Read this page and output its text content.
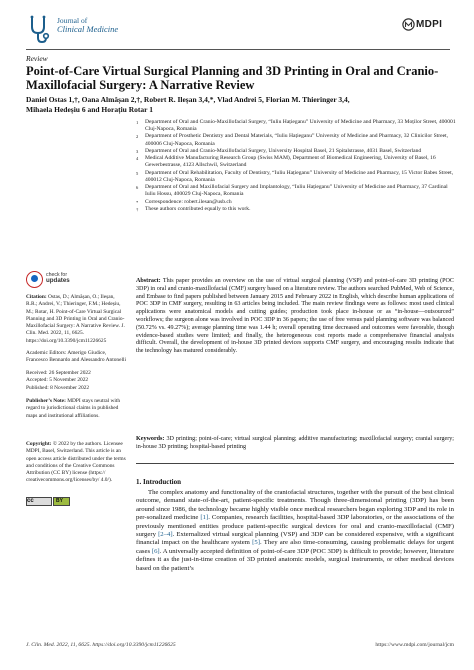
Journal of
Clinical Medicine	MDPI
Review
Point-of-Care Virtual Surgical Planning and 3D Printing in Oral and Cranio-Maxillofacial Surgery: A Narrative Review
Daniel Ostas 1,†, Oana Almășan 2,†, Robert R. Ileșan 3,4,*, Vlad Andrei 5, Florian M. Thieringer 3,4,
Mihaela Hedeșiu 6 and Horațiu Rotar 1
1 Department of Oral and Cranio-Maxillofacial Surgery, “Iuliu Hațieganu” University of Medicine and Pharmacy, 33 Moților Street, 400001 Cluj-Napoca, Romania
2 Department of Prosthetic Dentistry and Dental Materials, “Iuliu Hațieganu” University of Medicine and Pharmacy, 32 Clinicilor Street, 400006 Cluj-Napoca, Romania
3 Department of Oral and Cranio-Maxillofacial Surgery, University Hospital Basel, 21 Spitalstrasse, 4031 Basel, Switzerland
4 Medical Additive Manufacturing Research Group (Swiss MAM), Department of Biomedical Engineering, University of Basel, 16 Gewerbestrasse, 4123 Allschwil, Switzerland
5 Department of Oral Rehabilitation, Faculty of Dentistry, “Iuliu Hațieganu” University of Medicine and Pharmacy, 15 Victor Babes Street, 400012 Cluj-Napoca, Romania
6 Department of Oral and Maxillofacial Surgery and Implantology, “Iuliu Hațieganu” University of Medicine and Pharmacy, 37 Cardinal Iuliu Hossu, 400029 Cluj-Napoca, Romania
* Correspondence: robert.ilesan@usb.ch
† These authors contributed equally to this work.
check for
updates

Citation: Ostas, D.; Almășan, O.; Ileșan, R.R.; Andrei, V.; Thieringer, F.M.; Hedeșiu, M.; Rotar, H. Point-of-Care Virtual Surgical Planning and 3D Printing in Oral and Cranio-Maxillofacial Surgery: A Narrative Review. J. Clin. Med. 2022, 11, 6625. https://doi.org/10.3390/jcm11226625

Academic Editors: Amerigo Giudice, Francesco Bennardo and Alessandro Antonelli

Received: 26 September 2022
Accepted: 5 November 2022
Published: 8 November 2022

Publisher’s Note: MDPI stays neutral with regard to jurisdictional claims in published maps and institutional affiliations.

Copyright: © 2022 by the authors. Licensee MDPI, Basel, Switzerland. This article is an open access article distributed under the terms and conditions of the Creative Commons Attribution (CC BY) license (https:// creativecommons.org/licenses/by/ 4.0/).

cc	BY
Abstract: This paper provides an overview on the use of virtual surgical planning (VSP) and point-of-care 3D printing (POC 3DP) in oral and cranio-maxillofacial (CMF) surgery based on a literature review. The authors searched PubMed, Web of Science, and Embase to find papers published between January 2015 and February 2022 in English, which describe human applications of POC 3DP in CMF surgery, resulting in 63 articles being included. The main review findings were as follows: most used clinical applications were anatomical models and cutting guides; production took place in-house or as “in-house—outsourced” workflows; the surgeon alone was involved in POC 3DP in 36 papers; the use of free versus paid planning software was balanced (50.72% vs. 49.27%); average planning time was 1.44 h; overall operating time decreased and outcomes were favorable, though evidence-based studies were limited; and finally, the heterogeneous cost reports made a comprehensive financial analysis difficult. Overall, the development of in-house 3D printed devices supports CMF surgery, and encouraging results indicate that the technology has matured considerably.
Keywords: 3D printing; point-of-care; virtual surgical planning; additive manufacturing; maxillofacial surgery; cranial surgery; in-house 3D printing; hospital-based printing
1. Introduction
The complex anatomy and functionality of the craniofacial structures, together with the pursuit of the best clinical outcome, demand state-of-the-art, patient-specific treatments. Though three-dimensional printing (3DP) has been around since 1986, the technology became highly visible once medical researchers began exploring 3DP and its role in per-sonalized medicine [1]. Companies, research facilities, hospital-based 3DP laboratories, or the associations of the previously mentioned entities produce patient-specific surgical devices for oral and cranio-maxillofacial (CMF) surgery [2–4]. Externalized virtual surgical planning (VSP) and 3DP can be considered expensive, with a significant financial impact on the healthcare system [5]. They are also time-consuming, causing problematic delays for urgent cases [6]. A universally accepted definition of point-of-care 3DP (POC 3DP) is difficult to provide; however, literature defines it as the just-in-time creation of 3D printed anatomic models, surgical instruments, or other medical devices based on the patient’s
J. Clin. Med. 2022, 11, 6625. https://doi.org/10.3390/jcm11226625	https://www.mdpi.com/journal/jcm
